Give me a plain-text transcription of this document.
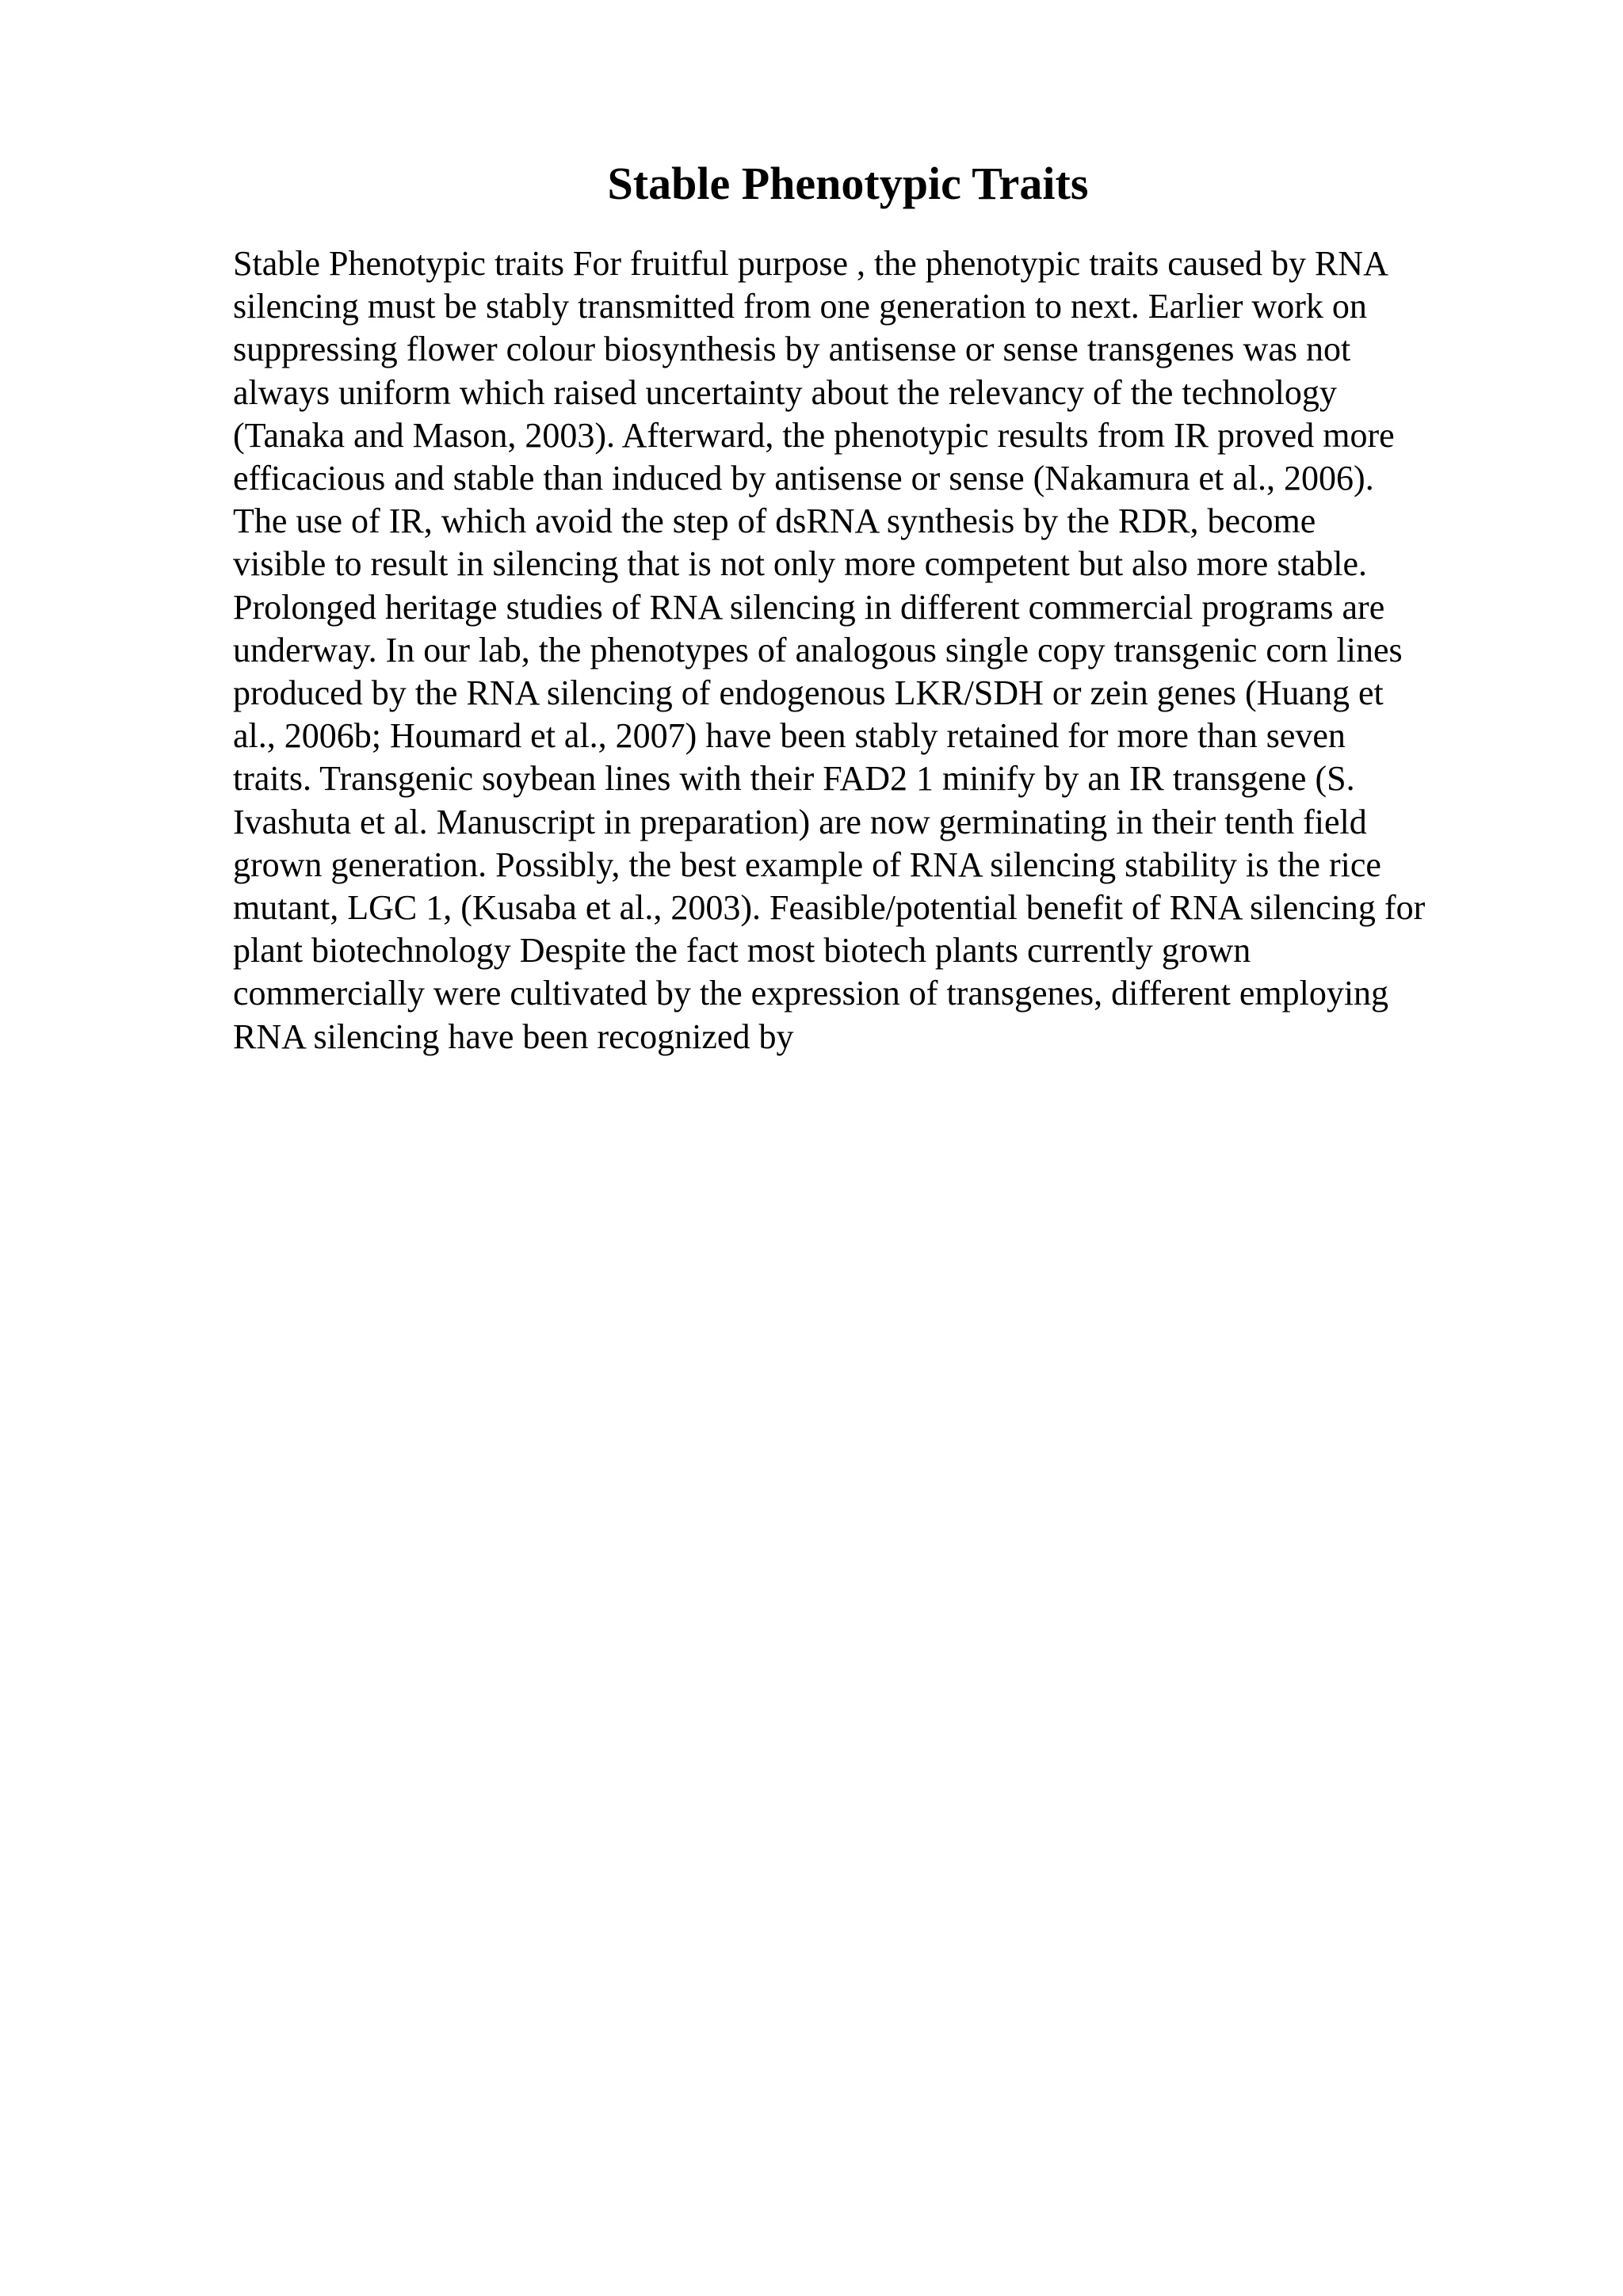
Stable Phenotypic Traits

Stable Phenotypic traits For fruitful purpose , the phenotypic traits caused by RNA
silencing must be stably transmitted from one generation to next. Earlier work on
suppressing flower colour biosynthesis by antisense or sense transgenes was not
always uniform which raised uncertainty about the relevancy of the technology
(Tanaka and Mason, 2003). Afterward, the phenotypic results from IR proved more
efficacious and stable than induced by antisense or sense (Nakamura et al., 2006).
The use of IR, which avoid the step of dsRNA synthesis by the RDR, become
visible to result in silencing that is not only more competent but also more stable.
Prolonged heritage studies of RNA silencing in different commercial programs are
underway. In our lab, the phenotypes of analogous single copy transgenic corn lines
produced by the RNA silencing of endogenous LKR/SDH or zein genes (Huang et
al., 2006b; Houmard et al., 2007) have been stably retained for more than seven
traits. Transgenic soybean lines with their FAD2 1 minify by an IR transgene (S.
Ivashuta et al. Manuscript in preparation) are now germinating in their tenth field
grown generation. Possibly, the best example of RNA silencing stability is the rice
mutant, LGC 1, (Kusaba et al., 2003). Feasible/potential benefit of RNA silencing for
plant biotechnology Despite the fact most biotech plants currently grown
commercially were cultivated by the expression of transgenes, different employing
RNA silencing have been recognized by
